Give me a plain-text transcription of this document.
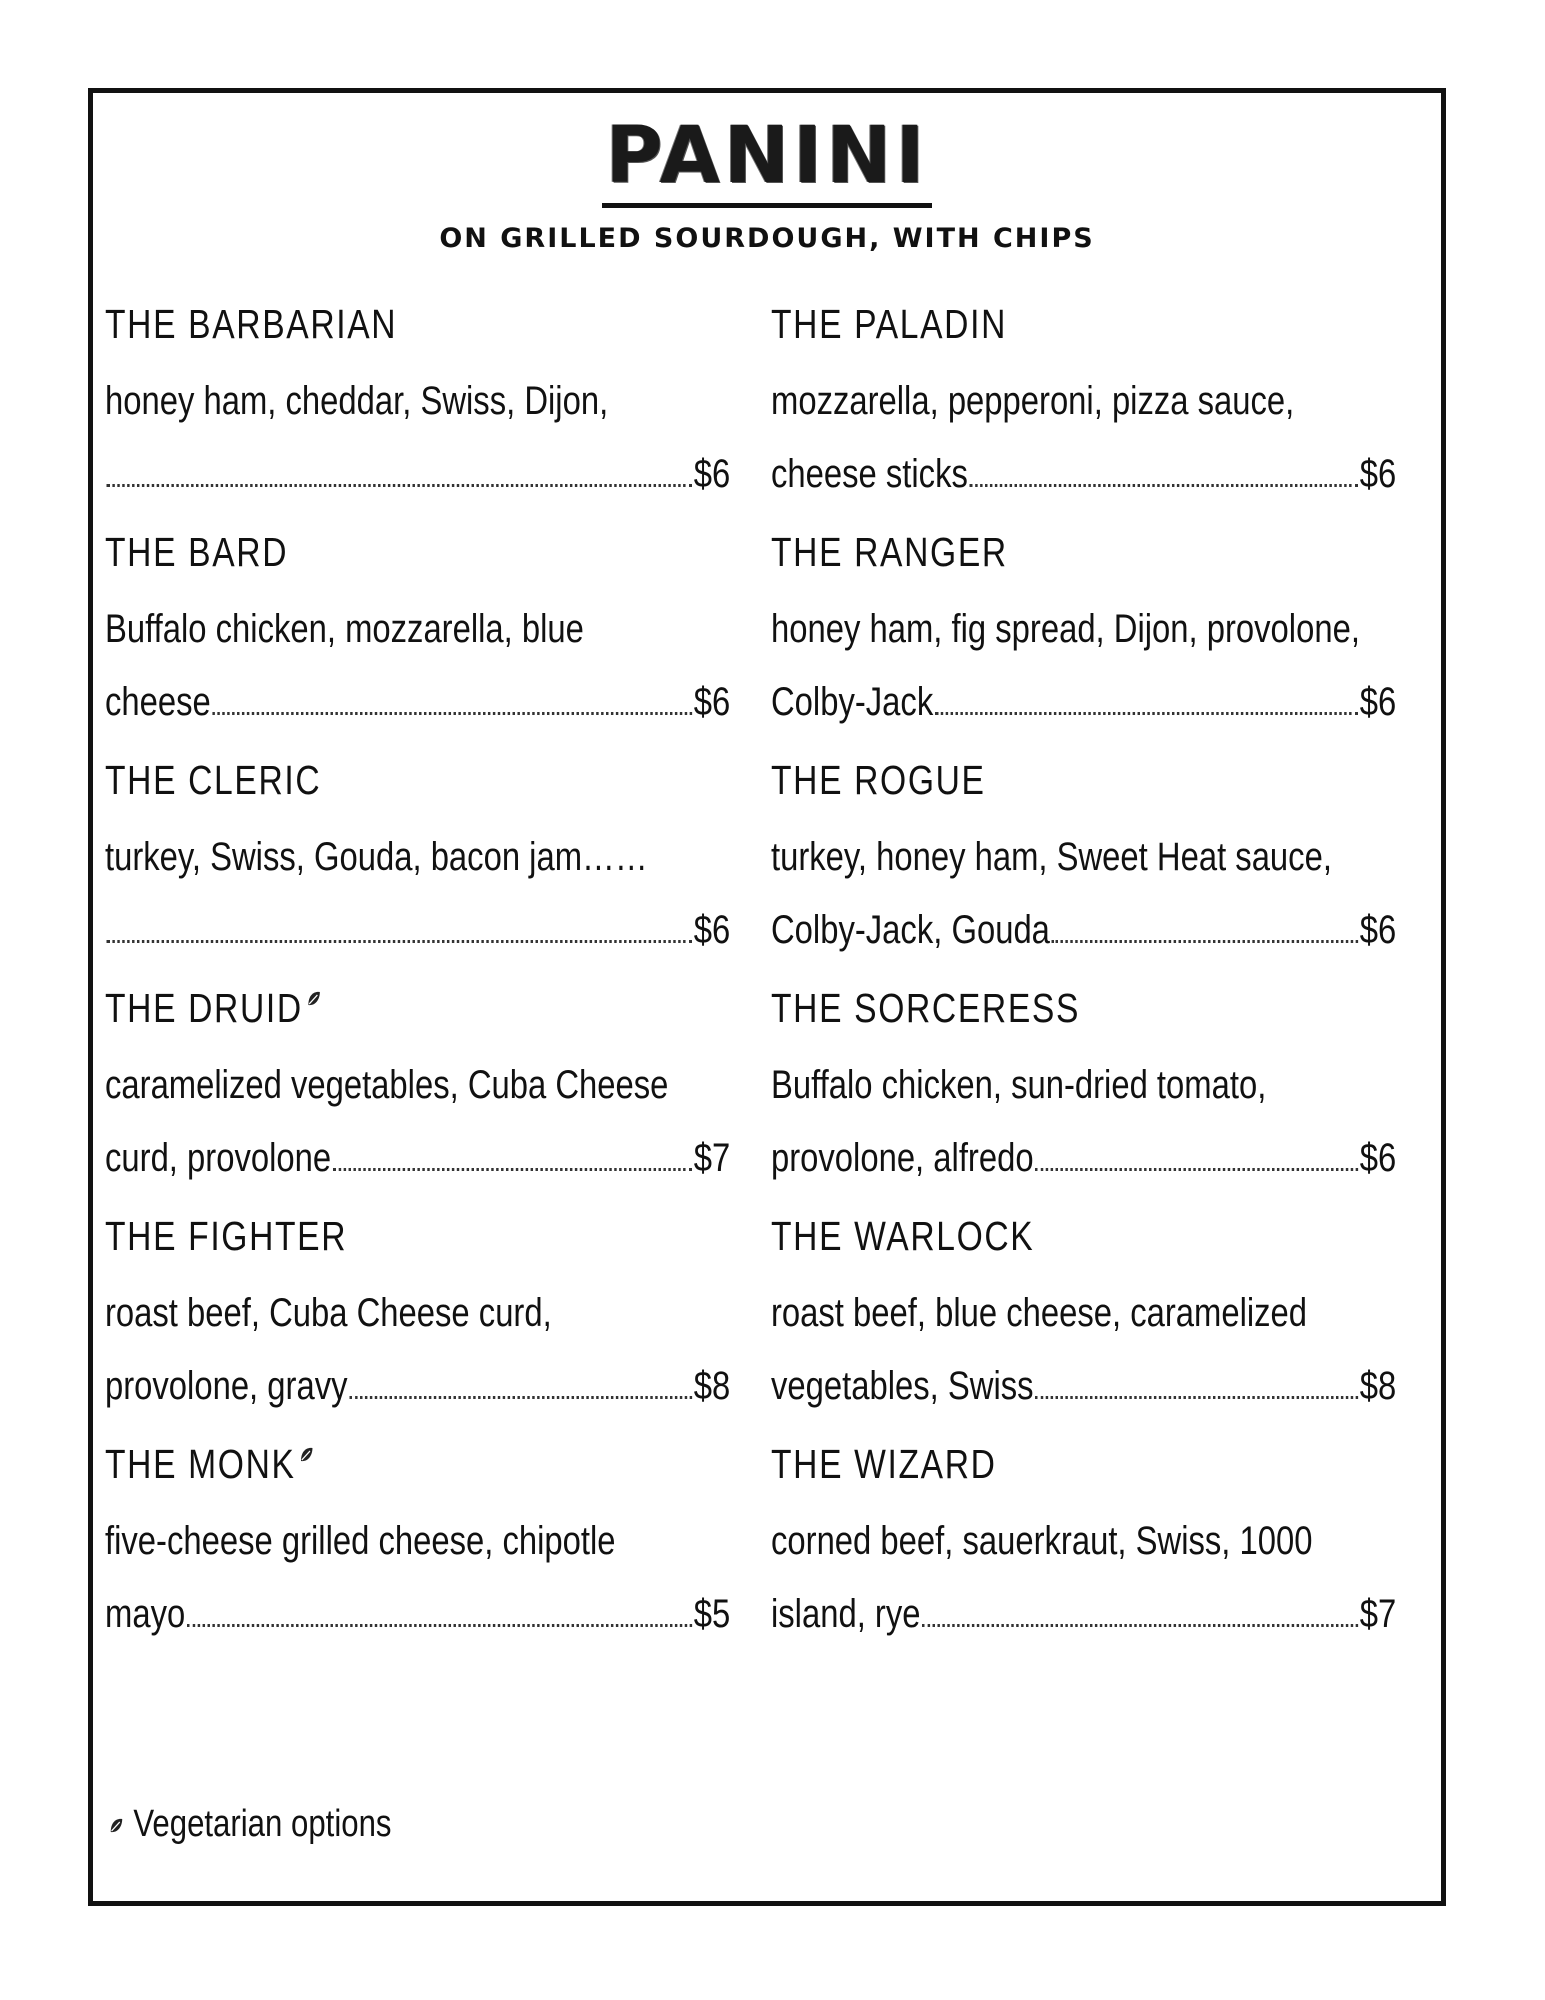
PANINI
ON GRILLED SOURDOUGH, WITH CHIPS
THE BARBARIAN
honey ham, cheddar, Swiss, Dijon,
$6
THE BARD
Buffalo chicken, mozzarella, blue
cheese	$6
THE CLERIC
turkey, Swiss, Gouda, bacon jam……
$6
THE DRUID
caramelized vegetables, Cuba Cheese
curd, provolone	$7
THE FIGHTER
roast beef, Cuba Cheese curd,
provolone, gravy	$8
THE MONK
five-cheese grilled cheese, chipotle
mayo	$5
THE PALADIN
mozzarella, pepperoni, pizza sauce,
cheese sticks	$6
THE RANGER
honey ham, fig spread, Dijon, provolone,
Colby-Jack	$6
THE ROGUE
turkey, honey ham, Sweet Heat sauce,
Colby-Jack, Gouda	$6
THE SORCERESS
Buffalo chicken, sun-dried tomato,
provolone, alfredo	$6
THE WARLOCK
roast beef, blue cheese, caramelized
vegetables, Swiss	$8
THE WIZARD
corned beef, sauerkraut, Swiss, 1000
island, rye	$7
Vegetarian options
